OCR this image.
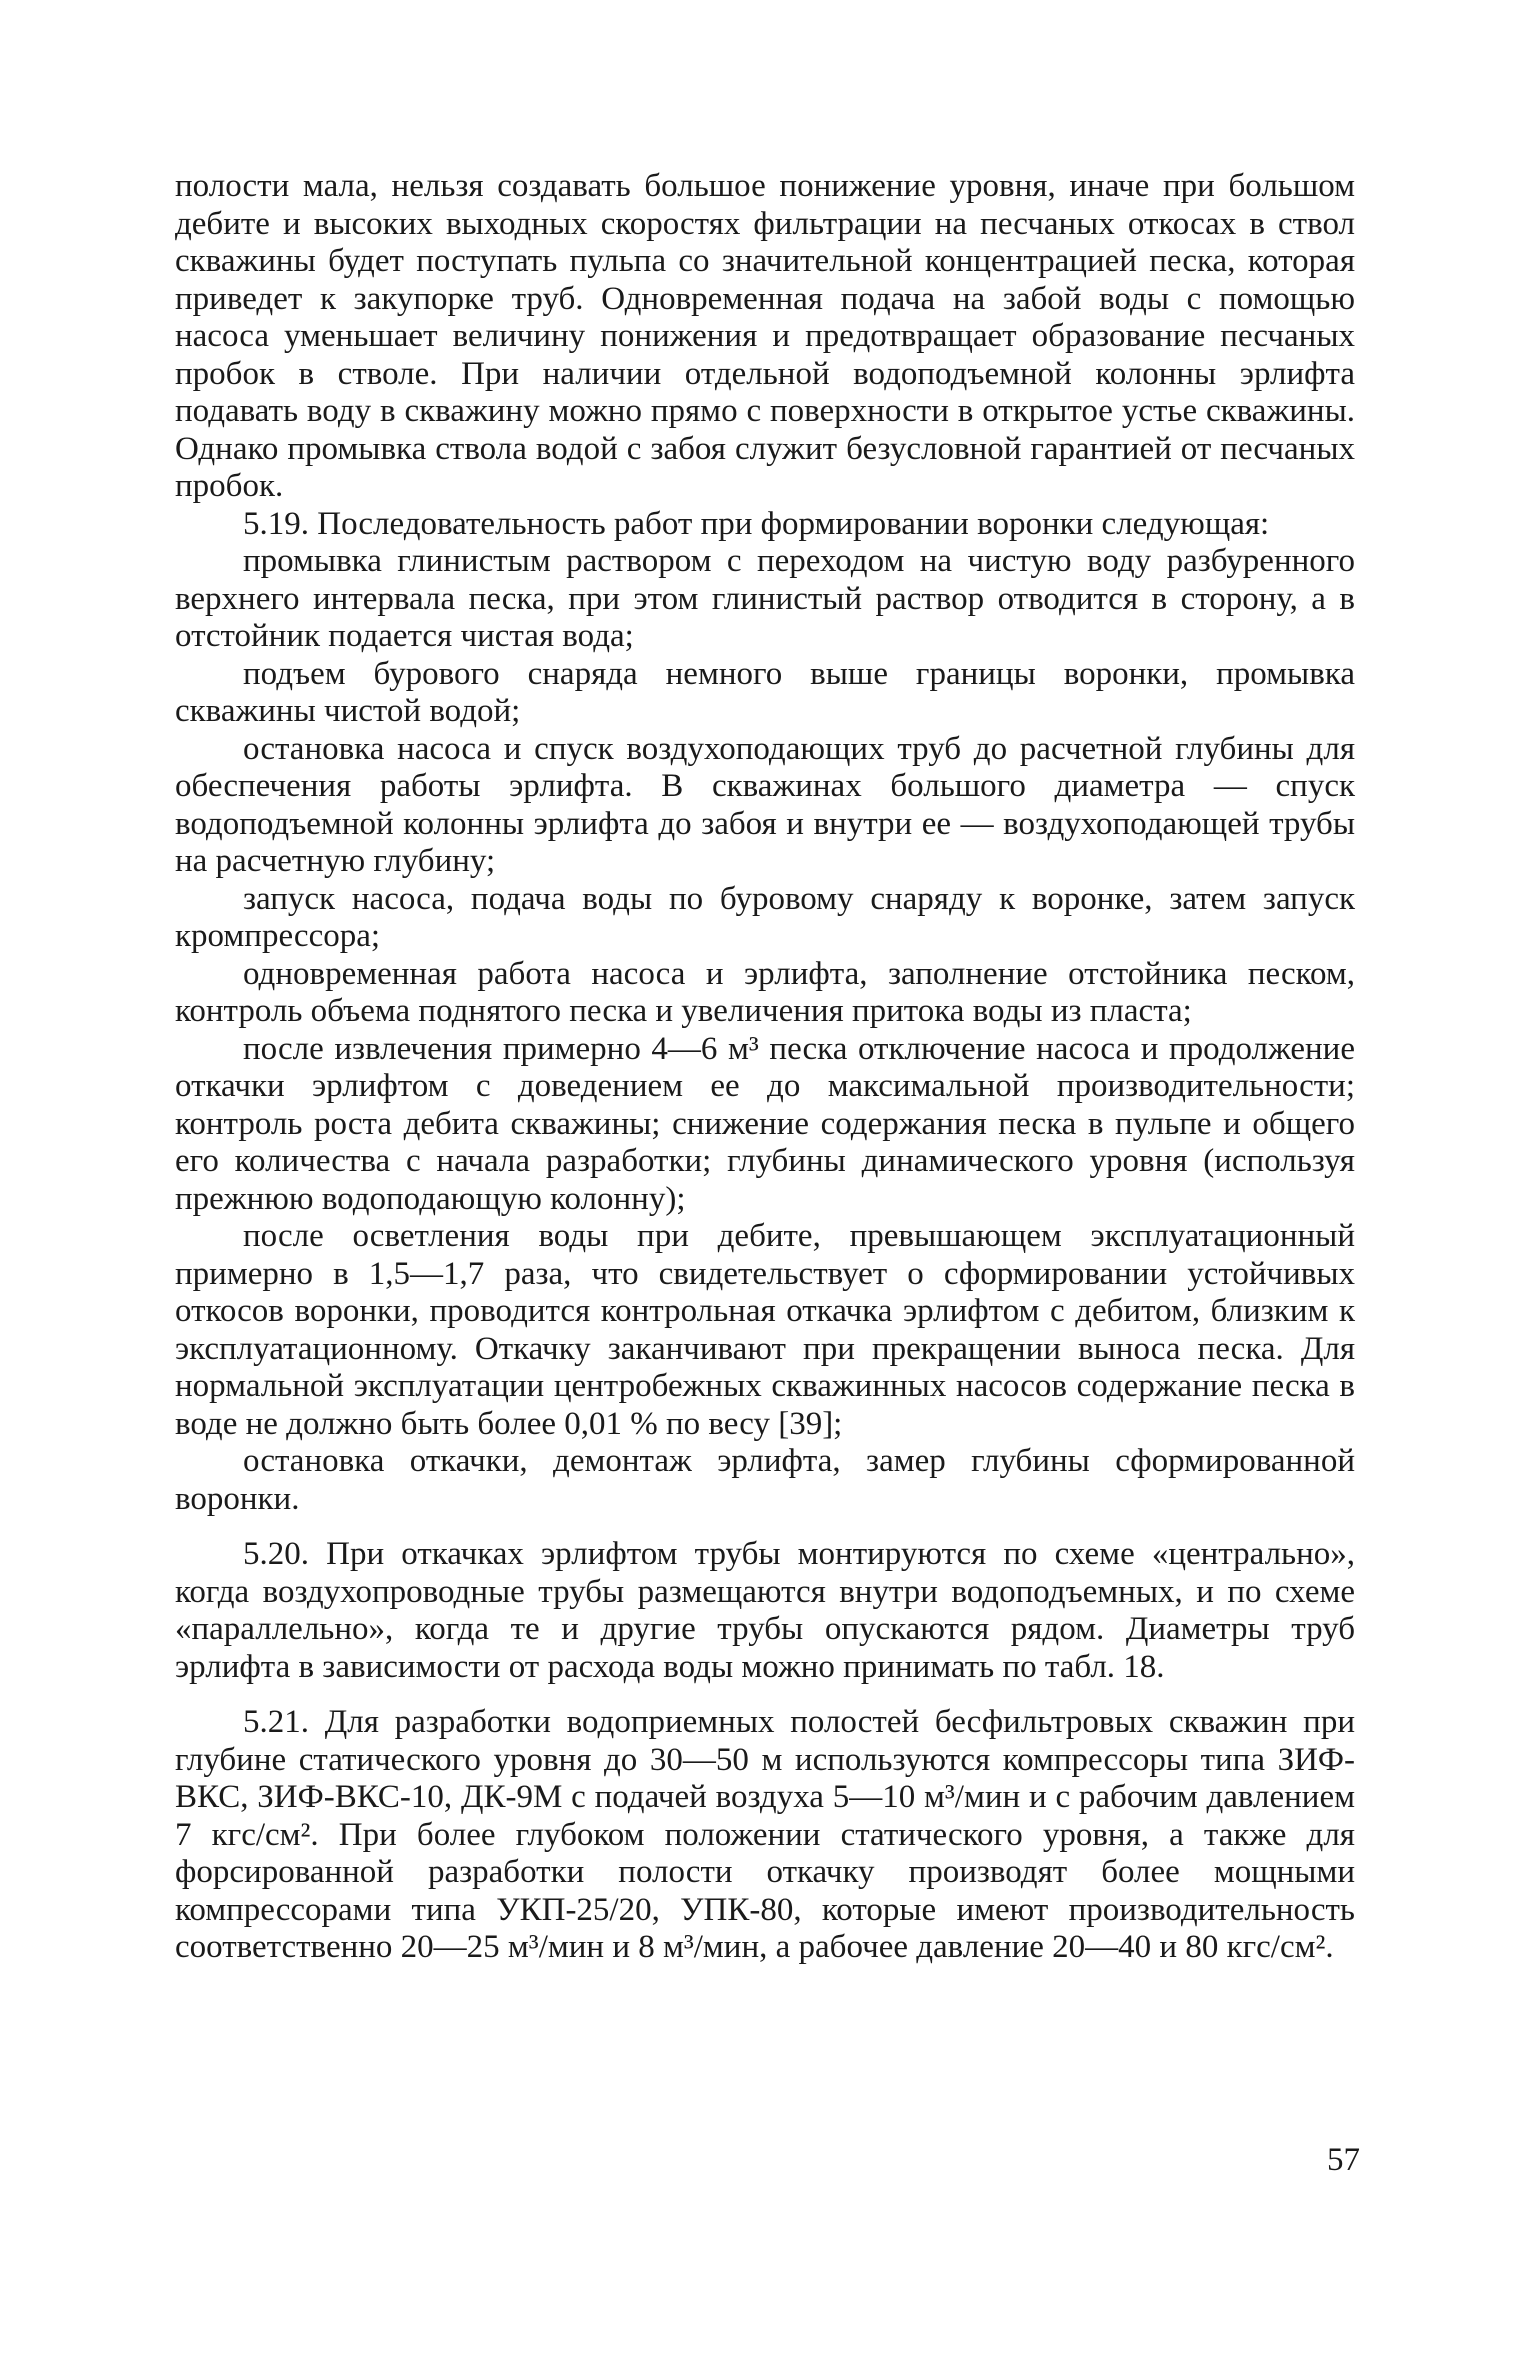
полости мала, нельзя создавать большое понижение уровня, иначе при большом дебите и высоких выходных скоростях фильтрации на песчаных откосах в ствол скважины будет поступать пульпа со значительной концентрацией песка, которая приведет к закупорке труб. Одновременная подача на забой воды с помощью насоса уменьшает величину понижения и предотвращает образование песчаных пробок в стволе. При наличии отдельной водоподъемной колонны эрлифта подавать воду в скважину можно прямо с поверхности в открытое устье скважины. Однако промывка ствола водой с забоя служит безусловной гарантией от песчаных пробок.

5.19. Последовательность работ при формировании воронки следующая:

промывка глинистым раствором с переходом на чистую воду разбуренного верхнего интервала песка, при этом глинистый раствор отводится в сторону, а в отстойник подается чистая вода;

подъем бурового снаряда немного выше границы воронки, промывка скважины чистой водой;

остановка насоса и спуск воздухоподающих труб до расчетной глубины для обеспечения работы эрлифта. В скважинах большого диаметра — спуск водоподъемной колонны эрлифта до забоя и внутри ее — воздухоподающей трубы на расчетную глубину;

запуск насоса, подача воды по буровому снаряду к воронке, затем запуск кромпрессора;

одновременная работа насоса и эрлифта, заполнение отстойника песком, контроль объема поднятого песка и увеличения притока воды из пласта;

после извлечения примерно 4—6 м³ песка отключение насоса и продолжение откачки эрлифтом с доведением ее до максимальной производительности; контроль роста дебита скважины; снижение содержания песка в пульпе и общего его количества с начала разработки; глубины динамического уровня (используя прежнюю водоподающую колонну);

после осветления воды при дебите, превышающем эксплуатационный примерно в 1,5—1,7 раза, что свидетельствует о сформировании устойчивых откосов воронки, проводится контрольная откачка эрлифтом с дебитом, близким к эксплуатационному. Откачку заканчивают при прекращении выноса песка. Для нормальной эксплуатации центробежных скважинных насосов содержание песка в воде не должно быть более 0,01 % по весу [39];

остановка откачки, демонтаж эрлифта, замер глубины сформированной воронки.

5.20. При откачках эрлифтом трубы монтируются по схеме «центрально», когда воздухопроводные трубы размещаются внутри водоподъемных, и по схеме «параллельно», когда те и другие трубы опускаются рядом. Диаметры труб эрлифта в зависимости от расхода воды можно принимать по табл. 18.

5.21. Для разработки водоприемных полостей бесфильтровых скважин при глубине статического уровня до 30—50 м используются компрессоры типа ЗИФ-ВКС, ЗИФ-ВКС-10, ДК-9М с подачей воздуха 5—10 м³/мин и с рабочим давлением 7 кгс/см². При более глубоком положении статического уровня, а также для форсированной разработки полости откачку производят более мощными компрессорами типа УКП-25/20, УПК-80, которые имеют производительность соответственно 20—25 м³/мин и 8 м³/мин, а рабочее давление 20—40 и 80 кгс/см².

57
